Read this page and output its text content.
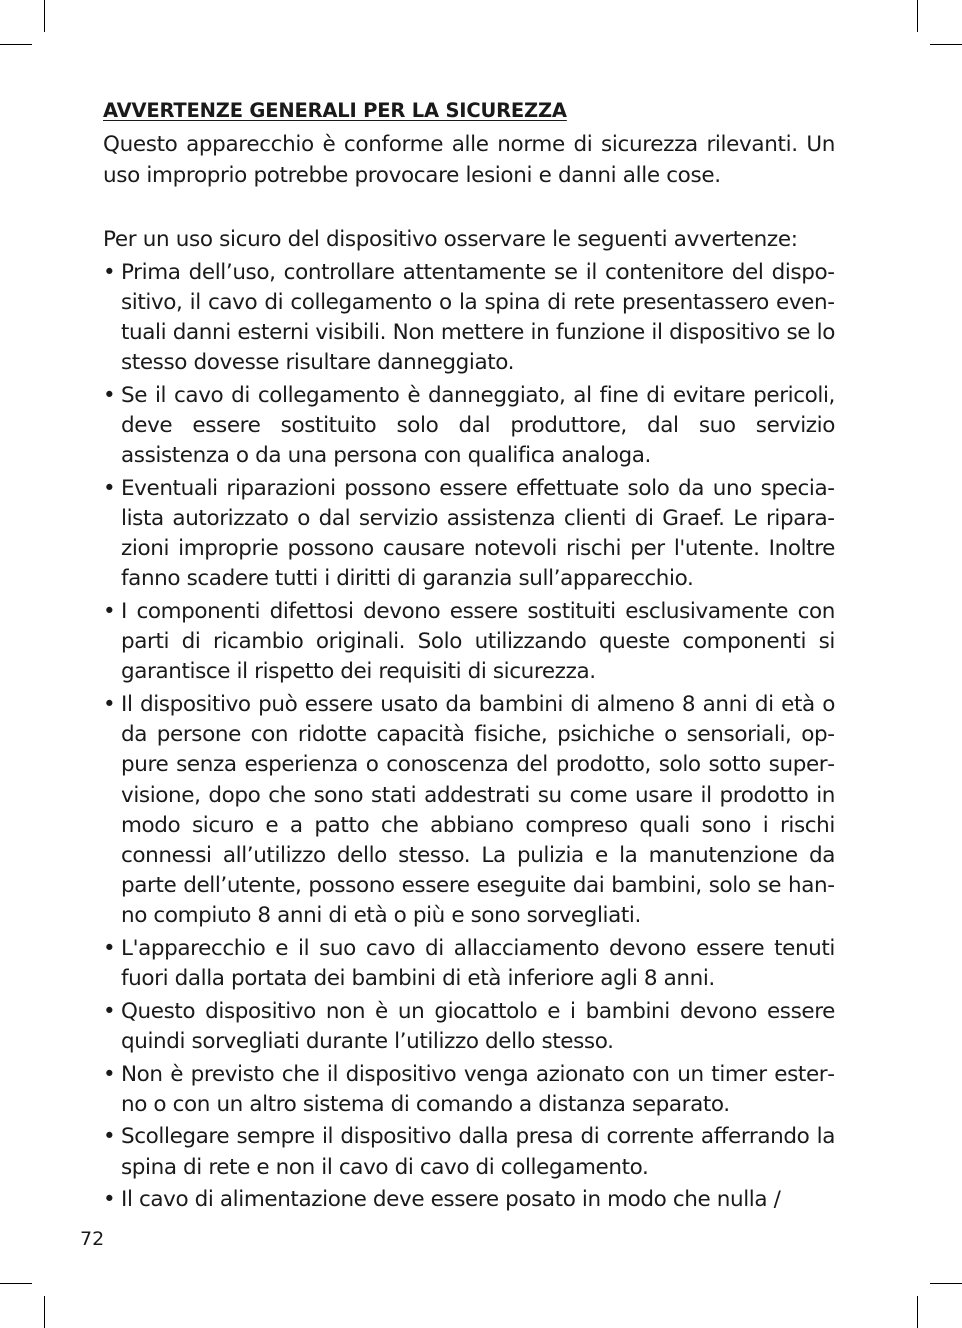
AVVERTENZE GENERALI PER LA SICUREZZA

Questo apparecchio è conforme alle norme di sicurezza rilevanti. Un uso improprio potrebbe provocare lesioni e danni alle cose.

Per un uso sicuro del dispositivo osservare le seguenti avvertenze:

• Prima dell’uso, controllare attentamente se il contenitore del dispositivo, il cavo di collegamento o la spina di rete presentassero eventuali danni esterni visibili. Non mettere in funzione il dispositivo se lo stesso dovesse risultare danneggiato.
• Se il cavo di collegamento è danneggiato, al fine di evitare pericoli, deve essere sostituito solo dal produttore, dal suo servizio assistenza o da una persona con qualifica analoga.
• Eventuali riparazioni possono essere effettuate solo da uno specialista autorizzato o dal servizio assistenza clienti di Graef. Le riparazioni improprie possono causare notevoli rischi per l'utente. Inoltre fanno scadere tutti i diritti di garanzia sull’apparecchio.
• I componenti difettosi devono essere sostituiti esclusivamente con parti di ricambio originali. Solo utilizzando queste componenti si garantisce il rispetto dei requisiti di sicurezza.
• Il dispositivo può essere usato da bambini di almeno 8 anni di età o da persone con ridotte capacità fisiche, psichiche o sensoriali, oppure senza esperienza o conoscenza del prodotto, solo sotto supervisione, dopo che sono stati addestrati su come usare il prodotto in modo sicuro e a patto che abbiano compreso quali sono i rischi connessi all’utilizzo dello stesso. La pulizia e la manutenzione da parte dell’utente, possono essere eseguite dai bambini, solo se hanno compiuto 8 anni di età o più e sono sorvegliati.
• L'apparecchio e il suo cavo di allacciamento devono essere tenuti fuori dalla portata dei bambini di età inferiore agli 8 anni.
• Questo dispositivo non è un giocattolo e i bambini devono essere quindi sorvegliati durante l’utilizzo dello stesso.
• Non è previsto che il dispositivo venga azionato con un timer esterno o con un altro sistema di comando a distanza separato.
• Scollegare sempre il dispositivo dalla presa di corrente afferrando la spina di rete e non il cavo di cavo di collegamento.
• Il cavo di alimentazione deve essere posato in modo che nulla /
72
